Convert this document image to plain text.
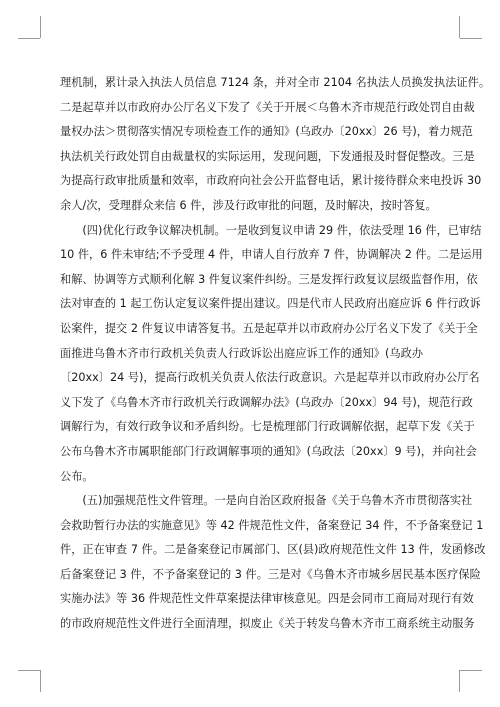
理机制，累计录入执法人员信息 7124 条，并对全市 2104 名执法人员换发执法证件。
二是起草并以市政府办公厅名义下发了《关于开展＜乌鲁木齐市规范行政处罚自由裁
量权办法＞贯彻落实情况专项检查工作的通知》(乌政办〔20xx〕26 号)，着力规范
执法机关行政处罚自由裁量权的实际运用，发现问题，下发通报及时督促整改。三是
为提高行政审批质量和效率，市政府向社会公开监督电话，累计接待群众来电投诉 30
余人/次，受理群众来信 6 件，涉及行政审批的问题，及时解决，按时答复。
　　(四)优化行政争议解决机制。一是收到复议申请 29 件，依法受理 16 件，已审结
10 件，6 件未审结;不予受理 4 件，申请人自行放弃 7 件，协调解决 2 件。二是运用
和解、协调等方式顺利化解 3 件复议案件纠纷。三是发挥行政复议层级监督作用，依
法对审查的 1 起工伤认定复议案件提出建议。四是代市人民政府出庭应诉 6 件行政诉
讼案件，提交 2 件复议申请答复书。五是起草并以市政府办公厅名义下发了《关于全
面推进乌鲁木齐市行政机关负责人行政诉讼出庭应诉工作的通知》(乌政办
〔20xx〕24 号)，提高行政机关负责人依法行政意识。六是起草并以市政府办公厅名
义下发了《乌鲁木齐市行政机关行政调解办法》(乌政办〔20xx〕94 号)，规范行政
调解行为，有效行政争议和矛盾纠纷。七是梳理部门行政调解依据，起草下发《关于
公布乌鲁木齐市属职能部门行政调解事项的通知》(乌政法〔20xx〕9 号)，并向社会
公布。
　　(五)加强规范性文件管理。一是向自治区政府报备《关于乌鲁木齐市贯彻落实社
会救助暂行办法的实施意见》等 42 件规范性文件，备案登记 34 件，不予备案登记 1
件，正在审查 7 件。二是备案登记市属部门、区(县)政府规范性文件 13 件，发函修改
后备案登记 3 件，不予备案登记的 3 件。三是对《乌鲁木齐市城乡居民基本医疗保险
实施办法》等 36 件规范性文件草案提法律审核意见。四是会同市工商局对现行有效
的市政府规范性文件进行全面清理，拟废止《关于转发乌鲁木齐市工商系统主动服务
